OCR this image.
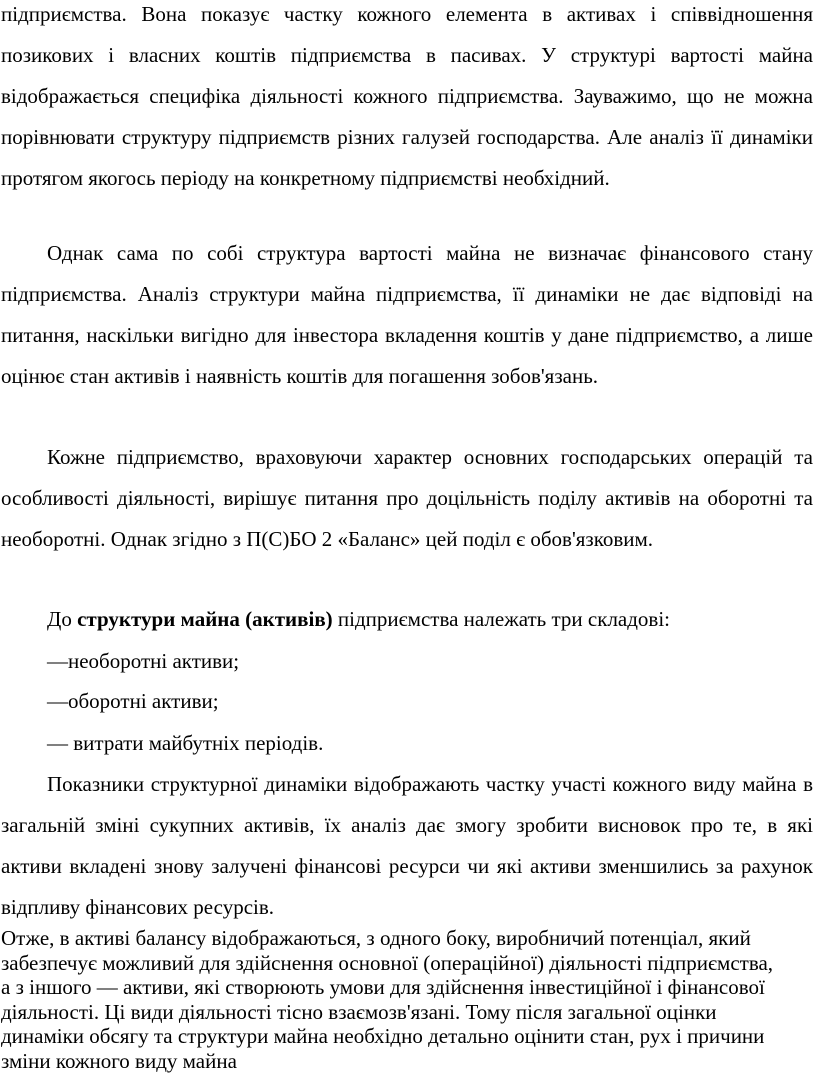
підприємства. Вона показує частку кожного елемента в активах і співвідношення позикових і власних коштів підприємства в пасивах. У структурі вартості майна відображається специфіка діяльності кожного підприємства. Зауважимо, що не можна порівнювати структуру підприємств різних галузей господарства. Але аналіз її динаміки протягом якогось періоду на конкретному підприємстві необхідний.
Однак сама по собі структура вартості майна не визначає фінансового стану підприємства. Аналіз структури майна підприємства, її динаміки не дає відповіді на питання, наскільки вигідно для інвестора вкладення коштів у дане підприємство, а лише оцінює стан активів і наявність коштів для погашення зобов'язань.
Кожне підприємство, враховуючи характер основних господарських операцій та особливості діяльності, вирішує питання про доцільність поділу активів на оборотні та необоротні. Однак згідно з П(С)БО 2 «Баланс» цей поділ є обов'язковим.
До структури майна (активів) підприємства належать три складові:
—необоротні активи;
—оборотні активи;
— витрати майбутніх періодів.
Показники структурної динаміки відображають частку участі кожного виду майна в загальній зміні сукупних активів, їх аналіз дає змогу зробити висновок про те, в які активи вкладені знову залучені фінансові ресурси чи які активи зменшились за рахунок відпливу фінансових ресурсів.
Отже, в активі балансу відображаються, з одного боку, виробничий потенціал, який забезпечує можливий для здійснення основної (операційної) діяльності підприємства, а з іншого — активи, які створюють умови для здійснення інвестиційної і фінансової діяльності. Ці види діяльності тісно взаємозв'язані. Тому після загальної оцінки динаміки обсягу та структури майна необхідно детально оцінити стан, рух і причини зміни кожного виду майна
